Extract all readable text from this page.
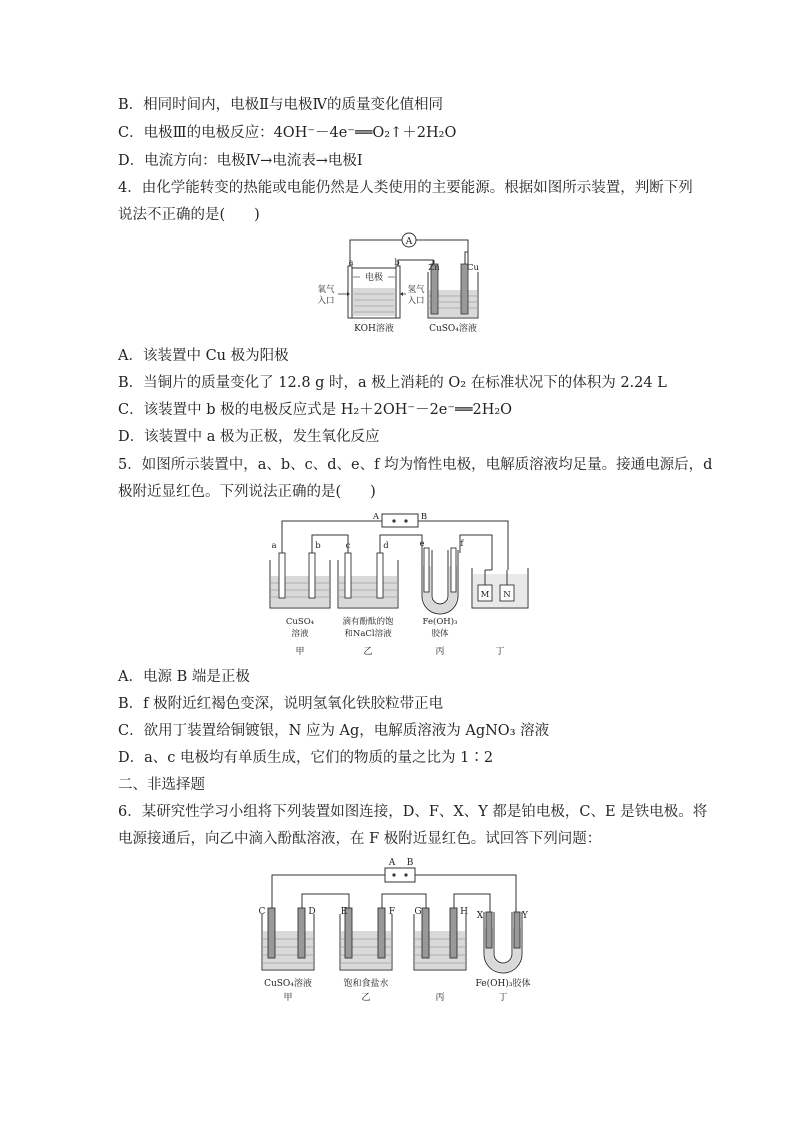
B．相同时间内，电极Ⅱ与电极Ⅳ的质量变化值相同
C．电极Ⅲ的电极反应：4OH⁻－4e⁻══O₂↑＋2H₂O
D．电流方向：电极Ⅳ→电流表→电极Ⅰ
4．由化学能转变的热能或电能仍然是人类使用的主要能源。根据如图所示装置，判断下列
说法不正确的是(　　)
A
a	b
电极
氧气
入口
氢气
入口
Zn	Cu
KOH溶液	CuSO₄溶液
A．该装置中 Cu 极为阳极
B．当铜片的质量变化了 12.8 g 时，a 极上消耗的 O₂ 在标准状况下的体积为 2.24 L
C．该装置中 b 极的电极反应式是 H₂＋2OH⁻－2e⁻══2H₂O
D．该装置中 a 极为正极，发生氧化反应
5．如图所示装置中，a、b、c、d、e、f 均为惰性电极，电解质溶液均足量。接通电源后，d
极附近显红色。下列说法正确的是(　　)
A	B
a	b	c	d	e	f
M N
CuSO₄
溶液
滴有酚酞的饱
和NaCl溶液
Fe(OH)₃
胶体
甲	乙	丙	丁
A．电源 B 端是正极
B．f 极附近红褐色变深，说明氢氧化铁胶粒带正电
C．欲用丁装置给铜镀银，N 应为 Ag，电解质溶液为 AgNO₃ 溶液
D．a、c 电极均有单质生成，它们的物质的量之比为 1∶2
二、非选择题
6．某研究性学习小组将下列装置如图连接，D、F、X、Y 都是铂电极，C、E 是铁电极。将
电源接通后，向乙中滴入酚酞溶液，在 F 极附近显红色。试回答下列问题：
A B
C	D	E	F G	H X	Y
CuSO₄溶液	饱和食盐水	Fe(OH)₃胶体
甲	乙	丙	丁
